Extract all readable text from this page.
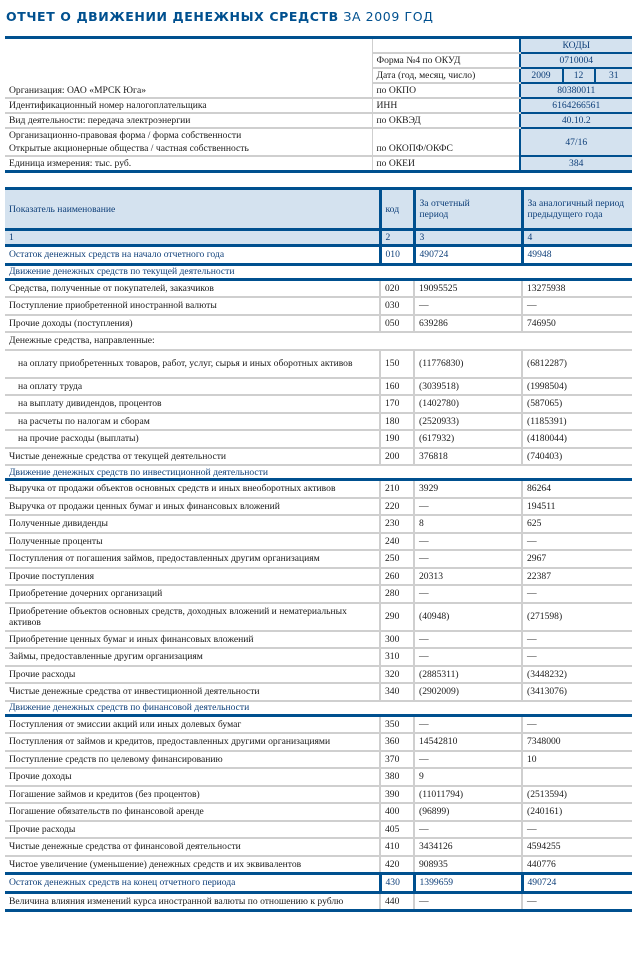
ОТЧЕТ О ДВИЖЕНИИ ДЕНЕЖНЫХ СРЕДСТВ ЗА 2009 ГОД
		КОДЫ		
	Форма №4 по ОКУД	0710004		
	Дата (год, месяц, число)	2009	12	31
Организация: ОАО «МРСК Юга»	по ОКПО	80380011		
Идентификационный номер налогоплательщика	ИНН	6164266561		
Вид деятельности: передача электроэнергии	по ОКВЭД	40.10.2		
Организационно-правовая форма / форма собственности		47/16		
Открытые акционерные общества / частная собственность	по ОКОПФ/ОКФС			
Единица измерения: тыс. руб.	по ОКЕИ	384		
Показатель наименование	код	За отчетный период	За аналогичный период предыдущего года
1	2	3	4
Остаток денежных средств на начало отчетного года	010	490724	49948
Движение денежных средств по текущей деятельности			
Средства, полученные от покупателей, заказчиков	020	19095525	13275938
Поступление приобретенной иностранной валюты	030	—	—
Прочие доходы (поступления)	050	639286	746950
Денежные средства, направленные:			
на оплату приобретенных товаров, работ, услуг, сырья и иных оборотных активов	150	(11776830)	(6812287)
на оплату труда	160	(3039518)	(1998504)
на выплату дивидендов, процентов	170	(1402780)	(587065)
на расчеты по налогам и сборам	180	(2520933)	(1185391)
на прочие расходы (выплаты)	190	(617932)	(4180044)
Чистые денежные средства от текущей деятельности	200	376818	(740403)
Движение денежных средств по инвестиционной деятельности			
Выручка от продажи объектов основных средств и иных внеоборотных активов	210	3929	86264
Выручка от продажи ценных бумаг и иных финансовых вложений	220	—	194511
Полученные дивиденды	230	8	625
Полученные проценты	240	—	—
Поступления от погашения займов, предоставленных другим организациям	250	—	2967
Прочие поступления	260	20313	22387
Приобретение дочерних организаций	280	—	—
Приобретение объектов основных средств, доходных вложений и нематериальных активов	290	(40948)	(271598)
Приобретение ценных бумаг и иных финансовых вложений	300	—	—
Займы, предоставленные другим организациям	310	—	—
Прочие расходы	320	(2885311)	(3448232)
Чистые денежные средства от инвестиционной деятельности	340	(2902009)	(3413076)
Движение денежных средств по финансовой деятельности			
Поступления от эмиссии акций или иных долевых бумаг	350	—	—
Поступления от займов и кредитов, предоставленных другими организациями	360	14542810	7348000
Поступление средств по целевому финансированию	370	—	10
Прочие доходы	380	9	
Погашение займов и кредитов (без процентов)	390	(11011794)	(2513594)
Погашение обязательств по финансовой аренде	400	(96899)	(240161)
Прочие расходы	405	—	—
Чистые денежные средства от финансовой деятельности	410	3434126	4594255
Чистое увеличение (уменьшение) денежных средств и их эквивалентов	420	908935	440776
Остаток денежных средств на конец отчетного периода	430	1399659	490724
Величина влияния изменений курса иностранной валюты по отношению к рублю	440	—	—
